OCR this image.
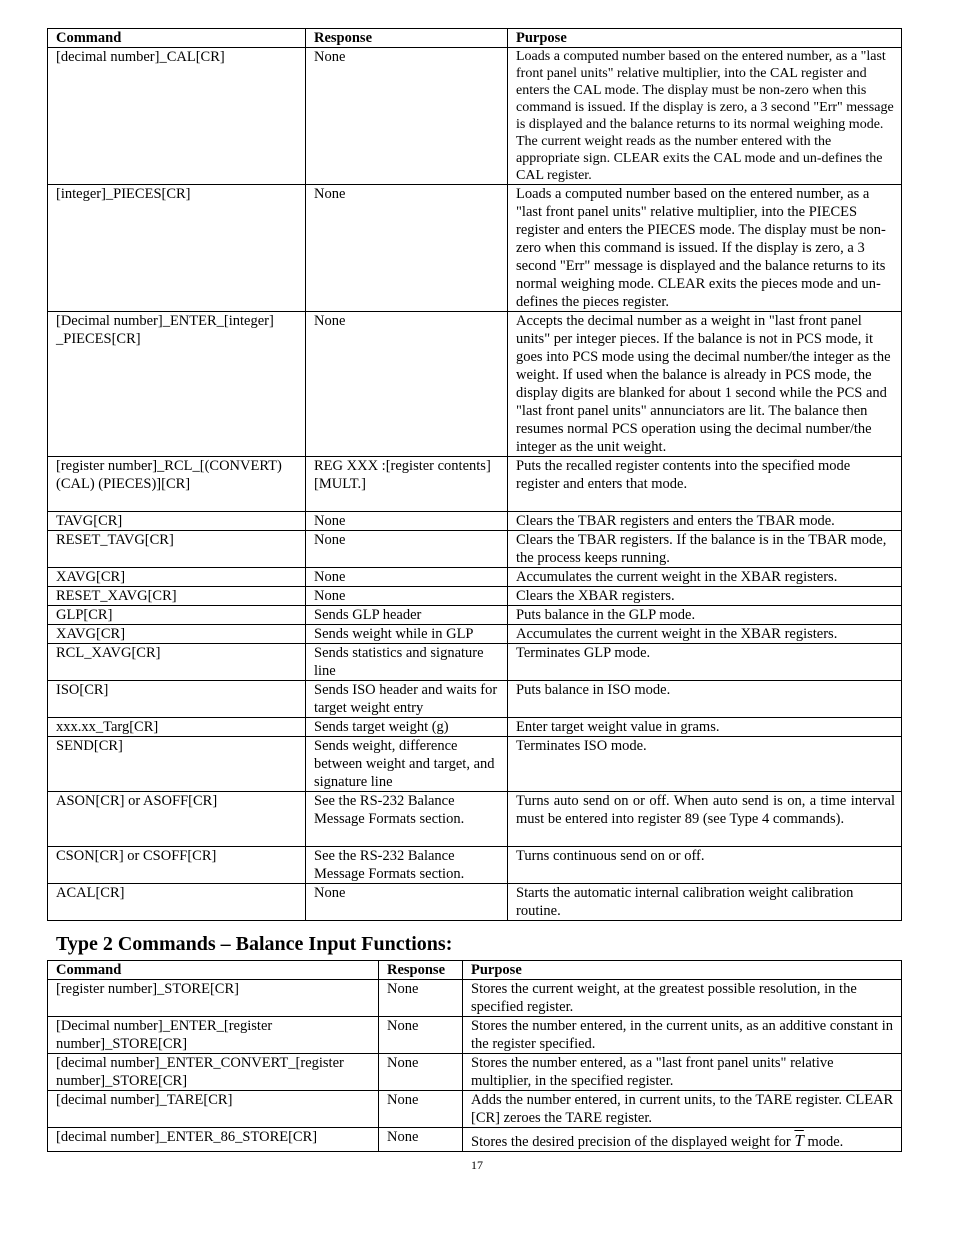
Command	Response	Purpose
[decimal number]_CAL[CR]	None	Loads a computed number based on the entered number, as a "last front panel units" relative multiplier, into the CAL register and enters the CAL mode. The display must be non-zero when this command is issued. If the display is zero, a 3 second "Err" message is displayed and the balance returns to its normal weighing mode. The current weight reads as the number entered with the appropriate sign. CLEAR exits the CAL mode and un-defines the CAL register.
[integer]_PIECES[CR]	None	Loads a computed number based on the entered number, as a "last front panel units" relative multiplier, into the PIECES register and enters the PIECES mode. The display must be non-zero when this command is issued. If the display is zero, a 3 second "Err" message is displayed and the balance returns to its normal weighing mode. CLEAR exits the pieces mode and un-defines the pieces register.
[Decimal number]_ENTER_[integer] _PIECES[CR]	None	Accepts the decimal number as a weight in "last front panel units" per integer pieces. If the balance is not in PCS mode, it goes into PCS mode using the decimal number/the integer as the weight. If used when the balance is already in PCS mode, the display digits are blanked for about 1 second while the PCS and "last front panel units" annunciators are lit. The balance then resumes normal PCS operation using the decimal number/the integer as the unit weight.
[register number]_RCL_[(CONVERT) (CAL) (PIECES)][CR]	REG XXX :[register contents][MULT.]	Puts the recalled register contents into the specified mode register and enters that mode.
TAVG[CR]	None	Clears the TBAR registers and enters the TBAR mode.
RESET_TAVG[CR]	None	Clears the TBAR registers. If the balance is in the TBAR mode, the process keeps running.
XAVG[CR]	None	Accumulates the current weight in the XBAR registers.
RESET_XAVG[CR]	None	Clears the XBAR registers.
GLP[CR]	Sends GLP header	Puts balance in the GLP mode.
XAVG[CR]	Sends weight while in GLP	Accumulates the current weight in the XBAR registers.
RCL_XAVG[CR]	Sends statistics and signature line	Terminates GLP mode.
ISO[CR]	Sends ISO header and waits for target weight entry	Puts balance in ISO mode.
xxx.xx_Targ[CR]	Sends target weight (g)	Enter target weight value in grams.
SEND[CR]	Sends weight, difference between weight and target, and signature line	Terminates ISO mode.
ASON[CR] or ASOFF[CR]	See the RS-232 Balance Message Formats section.	Turns auto send on or off. When auto send is on, a time interval must be entered into register 89 (see Type 4 commands).
CSON[CR] or CSOFF[CR]	See the RS-232 Balance Message Formats section.	Turns continuous send on or off.
ACAL[CR]	None	Starts the automatic internal calibration weight calibration routine.
Type 2 Commands – Balance Input Functions:
Command	Response	Purpose
[register number]_STORE[CR]	None	Stores the current weight, at the greatest possible resolution, in the specified register.
[Decimal number]_ENTER_[register number]_STORE[CR]	None	Stores the number entered, in the current units, as an additive constant in the register specified.
[decimal number]_ENTER_CONVERT_[register number]_STORE[CR]	None	Stores the number entered, as a "last front panel units" relative multiplier, in the specified register.
[decimal number]_TARE[CR]	None	Adds the number entered, in current units, to the TARE register. CLEAR [CR] zeroes the TARE register.
[decimal number]_ENTER_86_STORE[CR]	None	Stores the desired precision of the displayed weight for $\overline{T}$ mode.
17
